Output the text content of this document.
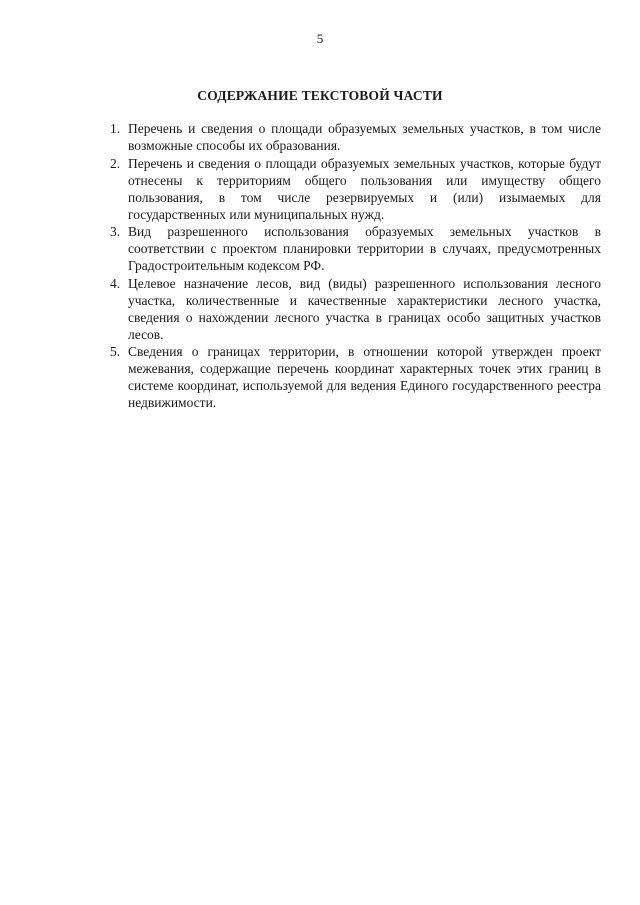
5
СОДЕРЖАНИЕ ТЕКСТОВОЙ ЧАСТИ
1. Перечень и сведения о площади образуемых земельных участков, в том числе возможные способы их образования.
2. Перечень и сведения о площади образуемых земельных участков, которые будут отнесены к территориям общего пользования или имуществу общего пользования, в том числе резервируемых и (или) изымаемых для государственных или муниципальных нужд.
3. Вид разрешенного использования образуемых земельных участков в соответствии с проектом планировки территории в случаях, предусмотренных Градостроительным кодексом РФ.
4. Целевое назначение лесов, вид (виды) разрешенного использования лесного участка, количественные и качественные характеристики лесного участка, сведения о нахождении лесного участка в границах особо защитных участков лесов.
5. Сведения о границах территории, в отношении которой утвержден проект межевания, содержащие перечень координат характерных точек этих границ в системе координат, используемой для ведения Единого государственного реестра недвижимости.
